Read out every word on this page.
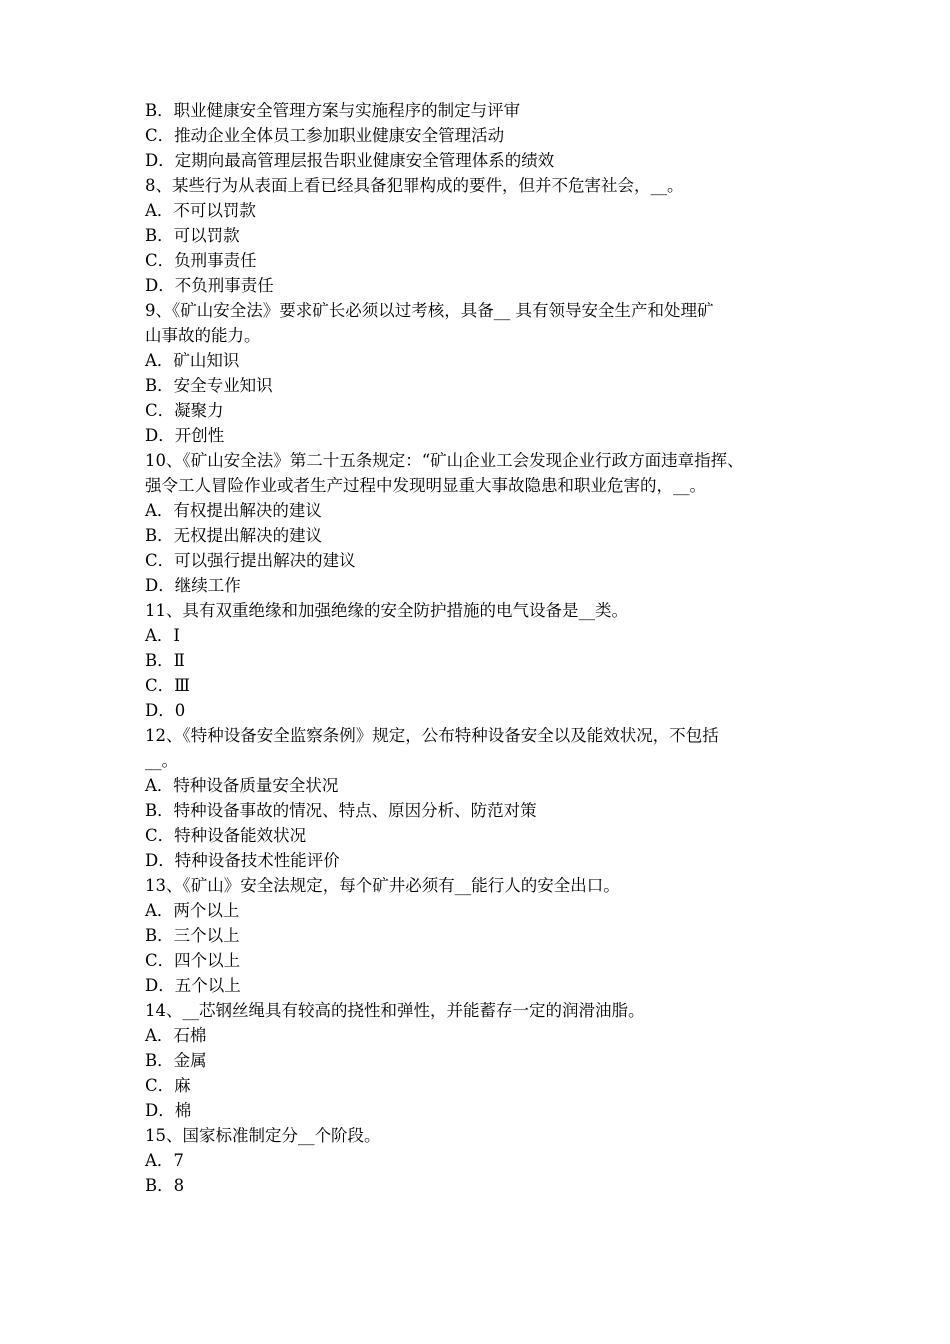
B．职业健康安全管理方案与实施程序的制定与评审
C．推动企业全体员工参加职业健康安全管理活动
D．定期向最高管理层报告职业健康安全管理体系的绩效
8、某些行为从表面上看已经具备犯罪构成的要件，但并不危害社会，__。
A．不可以罚款
B．可以罚款
C．负刑事责任
D．不负刑事责任
9、《矿山安全法》要求矿长必须以过考核，具备__ 具有领导安全生产和处理矿
山事故的能力。
A．矿山知识
B．安全专业知识
C．凝聚力
D．开创性
10、《矿山安全法》第二十五条规定：“矿山企业工会发现企业行政方面违章指挥、
强令工人冒险作业或者生产过程中发现明显重大事故隐患和职业危害的，__。
A．有权提出解决的建议
B．无权提出解决的建议
C．可以强行提出解决的建议
D．继续工作
11、具有双重绝缘和加强绝缘的安全防护措施的电气设备是__类。
A．Ⅰ
B．Ⅱ
C．Ⅲ
D．0
12、《特种设备安全监察条例》规定，公布特种设备安全以及能效状况，不包括
__。
A．特种设备质量安全状况
B．特种设备事故的情况、特点、原因分析、防范对策
C．特种设备能效状况
D．特种设备技术性能评价
13、《矿山》安全法规定，每个矿井必须有__能行人的安全出口。
A．两个以上
B．三个以上
C．四个以上
D．五个以上
14、__芯钢丝绳具有较高的挠性和弹性，并能蓄存一定的润滑油脂。
A．石棉
B．金属
C．麻
D．棉
15、国家标准制定分__个阶段。
A．7
B．8
